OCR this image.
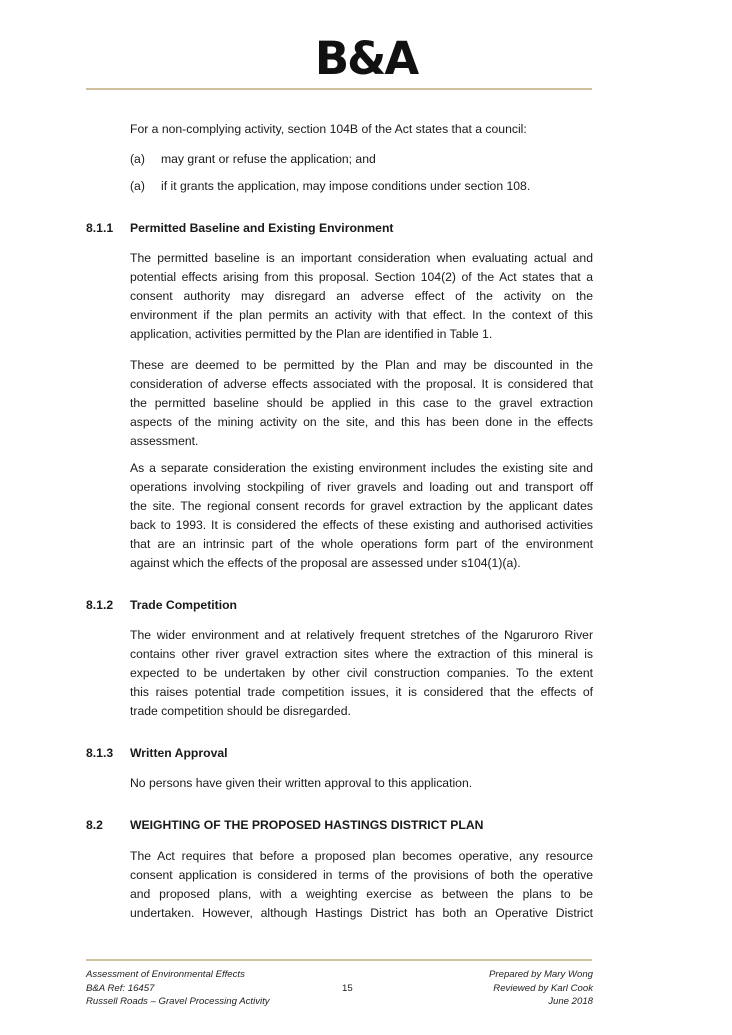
B&A

For a non-complying activity, section 104B of the Act states that a council:

(a)	may grant or refuse the application; and
(a)	if it grants the application, may impose conditions under section 108.
8.1.1 Permitted Baseline and Existing Environment

The permitted baseline is an important consideration when evaluating actual and
potential effects arising from this proposal. Section 104(2) of the Act states that a
consent authority may disregard an adverse effect of the activity on the
environment if the plan permits an activity with that effect. In the context of this
application, activities permitted by the Plan are identified in Table 1.

These are deemed to be permitted by the Plan and may be discounted in the
consideration of adverse effects associated with the proposal. It is considered that
the permitted baseline should be applied in this case to the gravel extraction
aspects of the mining activity on the site, and this has been done in the effects
assessment.

As a separate consideration the existing environment includes the existing site and
operations involving stockpiling of river gravels and loading out and transport off
the site. The regional consent records for gravel extraction by the applicant dates
back to 1993. It is considered the effects of these existing and authorised activities
that are an intrinsic part of the whole operations form part of the environment
against which the effects of the proposal are assessed under s104(1)(a).

8.1.2 Trade Competition

The wider environment and at relatively frequent stretches of the Ngaruroro River
contains other river gravel extraction sites where the extraction of this mineral is
expected to be undertaken by other civil construction companies. To the extent
this raises potential trade competition issues, it is considered that the effects of
trade competition should be disregarded.

8.1.3 Written Approval

No persons have given their written approval to this application.

8.2 WEIGHTING OF THE PROPOSED HASTINGS DISTRICT PLAN

The Act requires that before a proposed plan becomes operative, any resource
consent application is considered in terms of the provisions of both the operative
and proposed plans, with a weighting exercise as between the plans to be
undertaken. However, although Hastings District has both an Operative District

Assessment of Environmental Effects
B&A Ref: 16457
Russell Roads – Gravel Processing Activity
15
Prepared by Mary Wong
Reviewed by Karl Cook
June 2018
